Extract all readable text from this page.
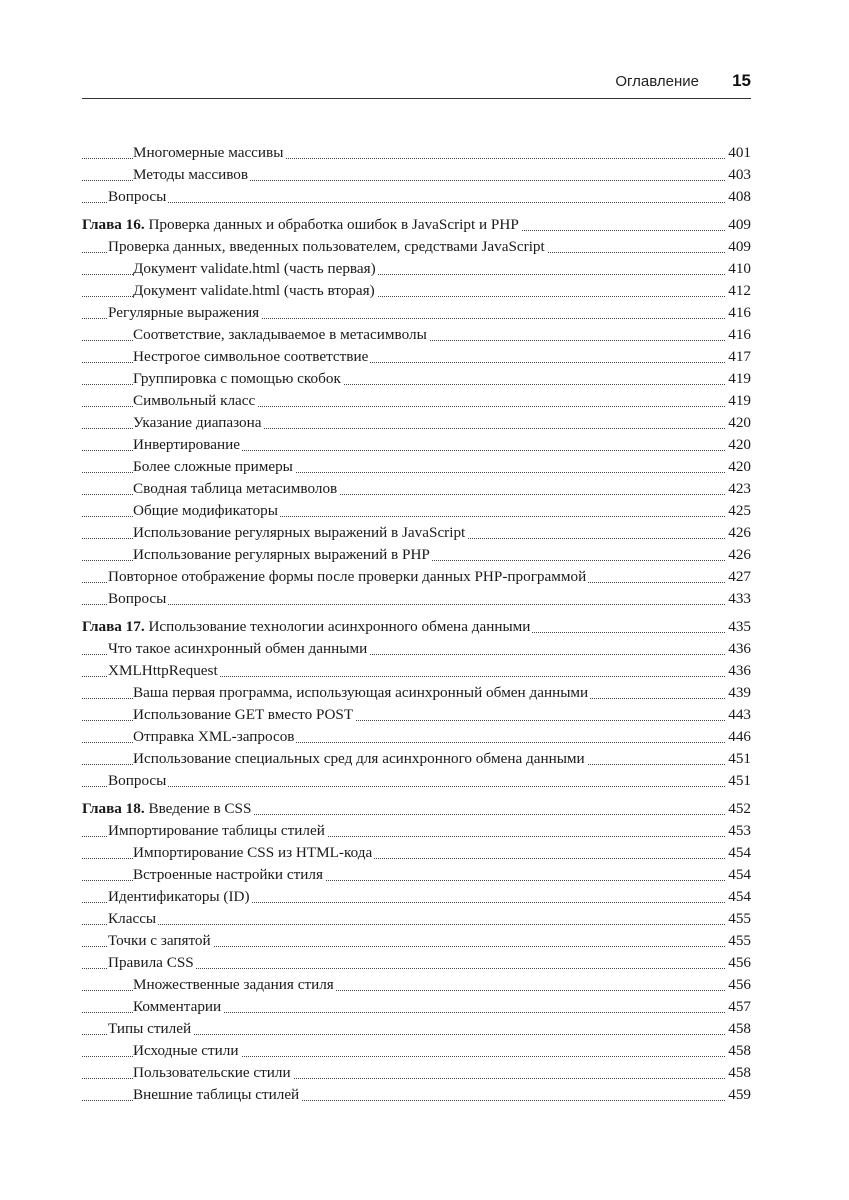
Оглавление 15
Многомерные массивы	401
Методы массивов	403
Вопросы	408
Глава 16. Проверка данных и обработка ошибок в JavaScript и PHP	409
Проверка данных, введенных пользователем, средствами JavaScript	409
Документ validate.html (часть первая)	410
Документ validate.html (часть вторая)	412
Регулярные выражения	416
Соответствие, закладываемое в метасимволы	416
Нестрогое символьное соответствие	417
Группировка с помощью скобок	419
Символьный класс	419
Указание диапазона	420
Инвертирование	420
Более сложные примеры	420
Сводная таблица метасимволов	423
Общие модификаторы	425
Использование регулярных выражений в JavaScript	426
Использование регулярных выражений в PHP	426
Повторное отображение формы после проверки данных PHP-программой	427
Вопросы	433
Глава 17. Использование технологии асинхронного обмена данными	435
Что такое асинхронный обмен данными	436
XMLHttpRequest	436
Ваша первая программа, использующая асинхронный обмен данными	439
Использование GET вместо POST	443
Отправка XML-запросов	446
Использование специальных сред для асинхронного обмена данными	451
Вопросы	451
Глава 18. Введение в CSS	452
Импортирование таблицы стилей	453
Импортирование CSS из HTML-кода	454
Встроенные настройки стиля	454
Идентификаторы (ID)	454
Классы	455
Точки с запятой	455
Правила CSS	456
Множественные задания стиля	456
Комментарии	457
Типы стилей	458
Исходные стили	458
Пользовательские стили	458
Внешние таблицы стилей	459
